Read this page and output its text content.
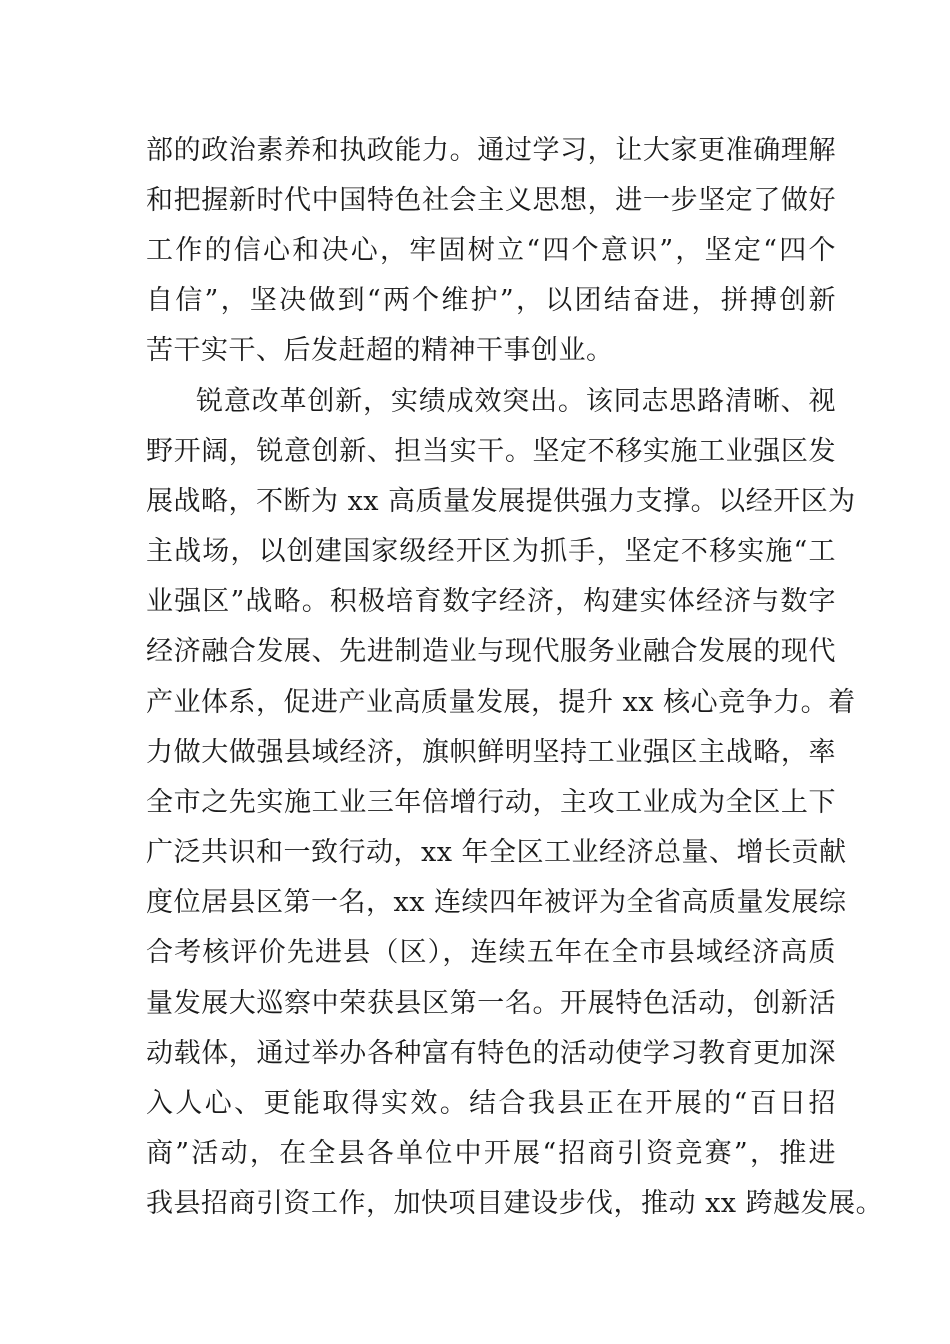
部的政治素养和执政能力。通过学习，让大家更准确理解
和把握新时代中国特色社会主义思想，进一步坚定了做好
工作的信心和决心，牢固树立“四个意识”，坚定“四个
自信”，坚决做到“两个维护”，以团结奋进，拼搏创新
苦干实干、后发赶超的精神干事创业。
锐意改革创新，实绩成效突出。该同志思路清晰、视
野开阔，锐意创新、担当实干。坚定不移实施工业强区发
展战略，不断为 xx 高质量发展提供强力支撑。以经开区为
主战场，以创建国家级经开区为抓手，坚定不移实施“工
业强区”战略。积极培育数字经济，构建实体经济与数字
经济融合发展、先进制造业与现代服务业融合发展的现代
产业体系，促进产业高质量发展，提升 xx 核心竞争力。着
力做大做强县域经济，旗帜鲜明坚持工业强区主战略，率
全市之先实施工业三年倍增行动，主攻工业成为全区上下
广泛共识和一致行动，xx 年全区工业经济总量、增长贡献
度位居县区第一名，xx 连续四年被评为全省高质量发展综
合考核评价先进县（区），连续五年在全市县域经济高质
量发展大巡察中荣获县区第一名。开展特色活动，创新活
动载体，通过举办各种富有特色的活动使学习教育更加深
入人心、更能取得实效。结合我县正在开展的“百日招
商”活动，在全县各单位中开展“招商引资竞赛”，推进
我县招商引资工作，加快项目建设步伐，推动 xx 跨越发展。
